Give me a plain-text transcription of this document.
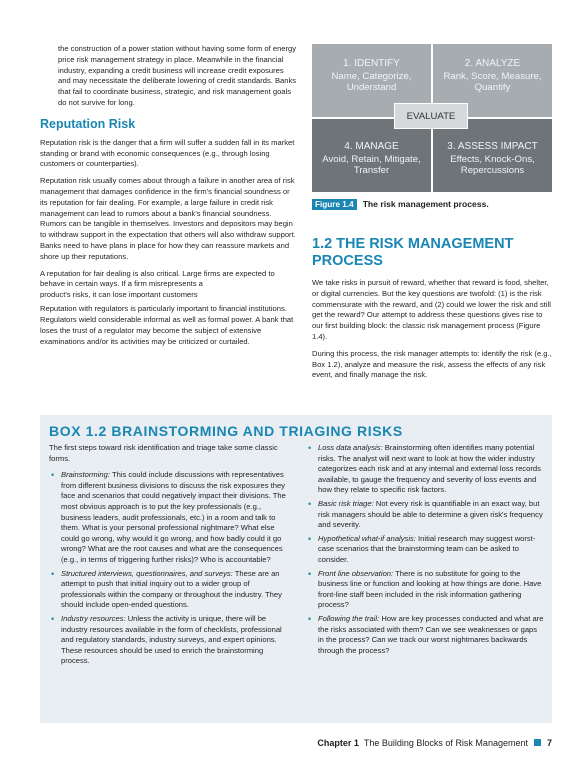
the construction of a power station without having some form of energy price risk management strategy in place. Meanwhile in the financial industry, expanding a credit business will increase credit exposures and may necessitate the deliberate lowering of credit standards. Banks that fail to coordinate business, strategic, and risk management goals do not survive for long.

Reputation Risk

Reputation risk is the danger that a firm will suffer a sudden fall in its market standing or brand with economic consequences (e.g., through losing customers or counterparties).

Reputation risk usually comes about through a failure in another area of risk management that damages confidence in the firm's financial soundness or its reputation for fair dealing. For example, a large failure in credit risk management can lead to rumors about a bank's financial soundness. Rumors can be tangible in themselves. Investors and depositors may begin to withdraw support in the expectation that others will also withdraw support. Banks need to have plans in place for how they can reassure markets and shore up their reputations.

A reputation for fair dealing is also critical. Large firms are expected to behave in certain ways. If a firm misrepresents a

product's risks, it can lose important customers

Reputation with regulators is particularly important to financial institutions. Regulators wield considerable informal as well as formal power. A bank that loses the trust of a regulator may become the subject of extensive examinations and/or its activities may be criticized or curtailed.

1. IDENTIFY
Name, Categorize, Understand
2. ANALYZE
Rank, Score, Measure, Quantify
4. MANAGE
Avoid, Retain, Mitigate, Transfer
3. ASSESS IMPACT
Effects, Knock-Ons, Repercussions
EVALUATE
Figure 1.4 The risk management process.
1.2 THE RISK MANAGEMENT PROCESS

We take risks in pursuit of reward, whether that reward is food, shelter, or digital currencies. But the key questions are twofold: (1) is the risk commensurate with the reward, and (2) could we lower the risk and still get the reward? Our attempt to address these questions gives rise to our first building block: the classic risk management process (Figure 1.4).

During this process, the risk manager attempts to: identify the risk (e.g., Box 1.2), analyze and measure the risk, assess the effects of any risk event, and finally manage the risk.

BOX 1.2 BRAINSTORMING AND TRIAGING RISKS

The first steps toward risk identification and triage take some classic forms.

• Brainstorming: This could include discussions with representatives from different business divisions to discuss the risk exposures they face and scenarios that could negatively impact their divisions. The most obvious approach is to put the key professionals (e.g., business leaders, audit professionals, etc.) in a room and talk to them. What is your personal professional nightmare? What else could go wrong, why would it go wrong, and how badly could it go wrong? What are the root causes and what are the consequences (e.g., in terms of triggering further risks)? Who is accountable?
• Structured interviews, questionnaires, and surveys: These are an attempt to push that initial inquiry out to a wider group of professionals within the company or throughout the industry. They should include open-ended questions.
• Industry resources: Unless the activity is unique, there will be industry resources available in the form of checklists, professional and regulatory standards, industry surveys, and expert opinions. These resources should be used to enrich the brainstorming process.
• Loss data analysis: Brainstorming often identifies many potential risks. The analyst will next want to look at how the wider industry categorizes each risk and at any internal and external loss records available, to gauge the frequency and severity of loss events and how they relate to specific risk factors.
• Basic risk triage: Not every risk is quantifiable in an exact way, but risk managers should be able to determine a given risk's frequency and severity.
• Hypothetical what-if analysis: Initial research may suggest worst-case scenarios that the brainstorming team can be asked to consider.
• Front line observation: There is no substitute for going to the business line or function and looking at how things are done. Have front-line staff been included in the risk information gathering process?
• Following the trail: How are key processes conducted and what are the risks associated with them? Can we see weaknesses or gaps in the process? Can we track our worst nightmares backwards through the process?
Chapter 1 The Building Blocks of Risk Management 7
